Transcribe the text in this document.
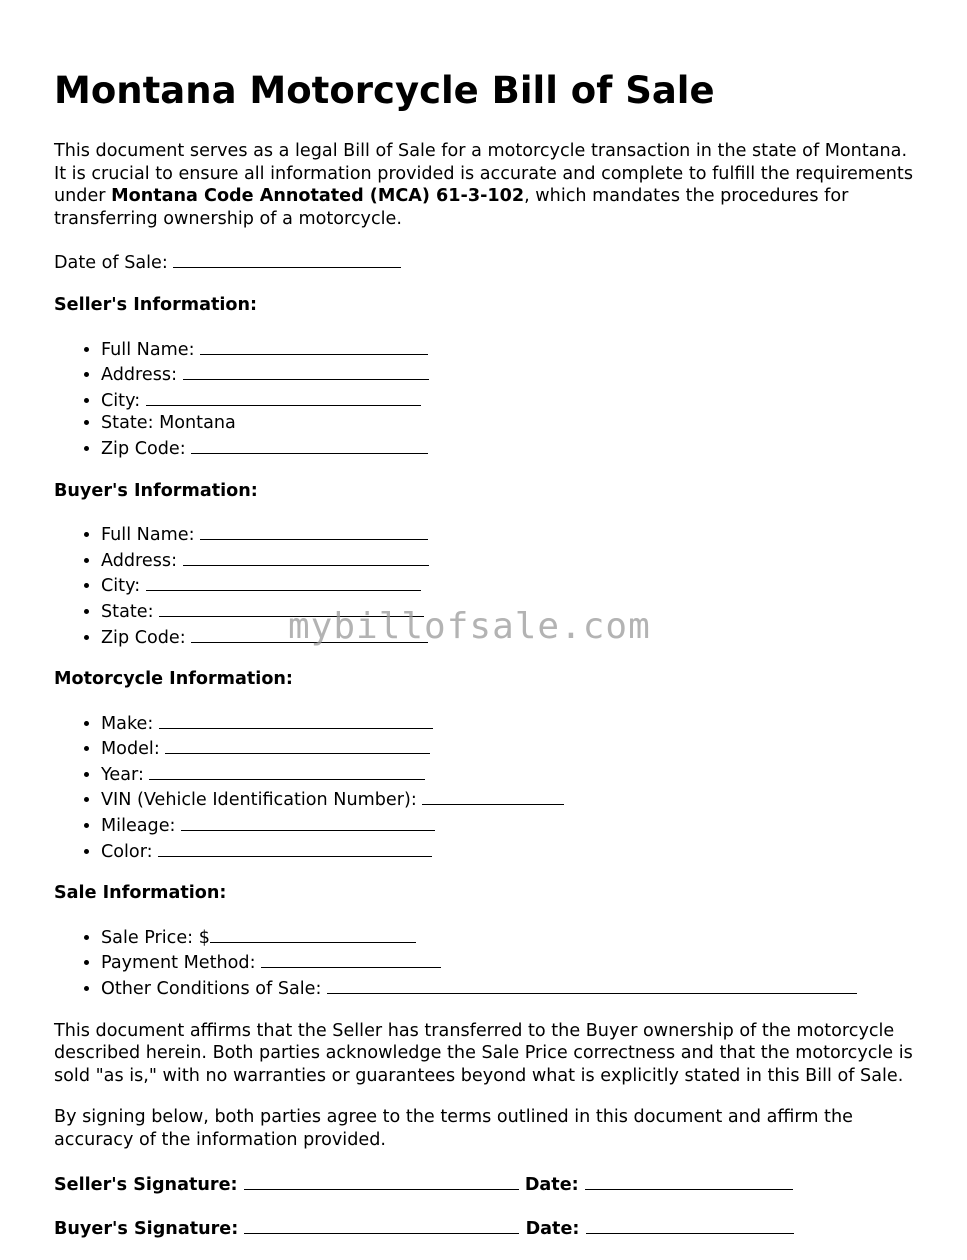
Montana Motorcycle Bill of Sale

This document serves as a legal Bill of Sale for a motorcycle transaction in the state of Montana. It is crucial to ensure all information provided is accurate and complete to fulfill the requirements under Montana Code Annotated (MCA) 61-3-102, which mandates the procedures for transferring ownership of a motorcycle.

Date of Sale:

Seller's Information:

• Full Name:
• Address:
• City:
• State: Montana
• Zip Code:

Buyer's Information:

• Full Name:
• Address:
• City:
• State:
• Zip Code:

Motorcycle Information:

• Make:
• Model:
• Year:
• VIN (Vehicle Identification Number):
• Mileage:
• Color:

Sale Information:

• Sale Price: $
• Payment Method:
• Other Conditions of Sale:

This document affirms that the Seller has transferred to the Buyer ownership of the motorcycle described herein. Both parties acknowledge the Sale Price correctness and that the motorcycle is sold "as is," with no warranties or guarantees beyond what is explicitly stated in this Bill of Sale.

By signing below, both parties agree to the terms outlined in this document and affirm the accuracy of the information provided.

Seller's Signature:	Date:
Buyer's Signature:	Date:
mybillofsale.com
